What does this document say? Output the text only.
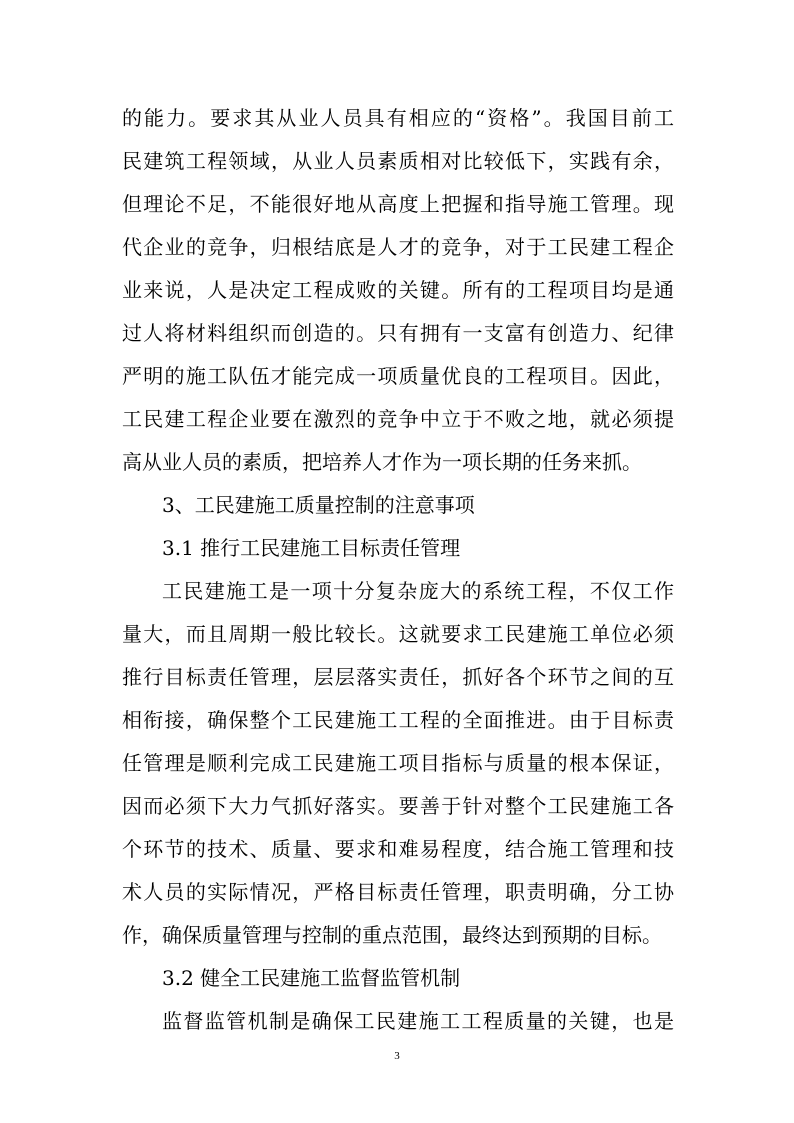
的能力。要求其从业人员具有相应的“资格”。我国目前工
民建筑工程领域，从业人员素质相对比较低下，实践有余，
但理论不足，不能很好地从高度上把握和指导施工管理。现
代企业的竞争，归根结底是人才的竞争，对于工民建工程企
业来说，人是决定工程成败的关键。所有的工程项目均是通
过人将材料组织而创造的。只有拥有一支富有创造力、纪律
严明的施工队伍才能完成一项质量优良的工程项目。因此，
工民建工程企业要在激烈的竞争中立于不败之地，就必须提
高从业人员的素质，把培养人才作为一项长期的任务来抓。
3、工民建施工质量控制的注意事项
3.1 推行工民建施工目标责任管理
工民建施工是一项十分复杂庞大的系统工程，不仅工作
量大，而且周期一般比较长。这就要求工民建施工单位必须
推行目标责任管理，层层落实责任，抓好各个环节之间的互
相衔接，确保整个工民建施工工程的全面推进。由于目标责
任管理是顺利完成工民建施工项目指标与质量的根本保证，
因而必须下大力气抓好落实。要善于针对整个工民建施工各
个环节的技术、质量、要求和难易程度，结合施工管理和技
术人员的实际情况，严格目标责任管理，职责明确，分工协
作，确保质量管理与控制的重点范围，最终达到预期的目标。
3.2 健全工民建施工监督监管机制
监督监管机制是确保工民建施工工程质量的关键，也是
3
